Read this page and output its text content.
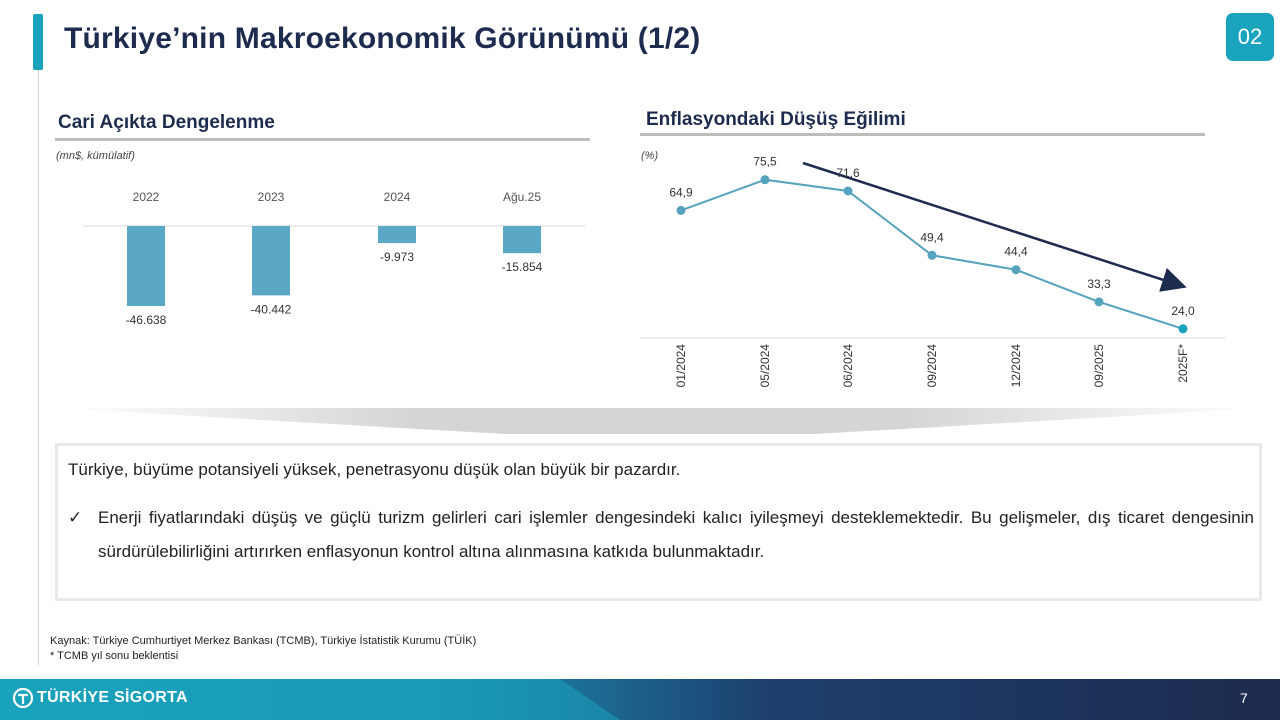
Türkiye’nin Makroekonomik Görünümü (1/2)	02
Cari Açıkta Dengelenme
(mn$, kümülatif)
Enflasyondaki Düşüş Eğilimi
(%)
2022
-46.638
2023
-40.442
2024
-9.973
Ağu.25
-15.854
64,9
01/2024
75,5
05/2024
71,6
06/2024
49,4
09/2024
44,4
12/2024
33,3
09/2025
24,0
2025F*
Türkiye, büyüme potansiyeli yüksek, penetrasyonu düşük olan büyük bir pazardır.
✓ Enerji fiyatlarındaki düşüş ve güçlü turizm gelirleri cari işlemler dengesindeki kalıcı iyileşmeyi desteklemektedir. Bu gelişmeler, dış ticaret dengesinin sürdürülebilirliğini artırırken enflasyonun kontrol altına alınmasına katkıda bulunmaktadır.
Kaynak: Türkiye Cumhurtiyet Merkez Bankası (TCMB), Türkiye İstatistik Kurumu (TÜİK)
* TCMB yıl sonu beklentisi
TÜRKİYE SİGORTA	7
